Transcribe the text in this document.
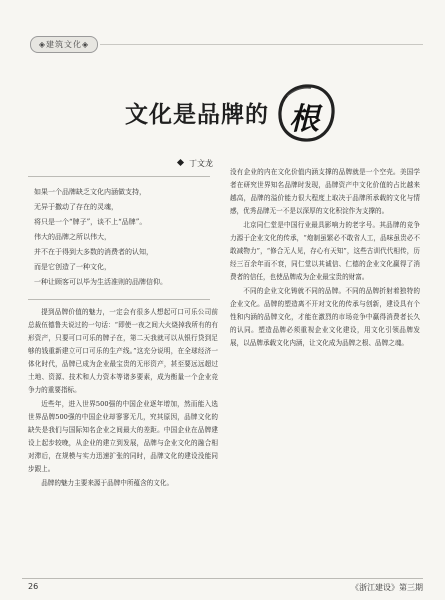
◈建筑文化◈
文化是品牌的 根
丁文龙
如果一个品牌缺乏文化内涵做支持，
无异于撒动了存在的灵魂，
将只是一个“牌子”，谈不上“品牌”。
伟大的品牌之所以伟大，
并不在于得到大多数的消费者的认知，
而是它创造了一种文化，
一种让顾客可以毕为生活准则的品牌信仰。

提到品牌价值的魅力，一定会有很多人想起可口可乐公司前总裁伍德鲁夫说过的一句话：“即使一夜之间大火烧掉我所有的有形资产，只要可口可乐的牌子在，第二天我就可以从银行贷到足够的钱重新建立可口可乐的生产线。”这充分说明，在全球经济一体化时代，品牌已成为企业最宝贵的无形资产，甚至要远远超过土地、资源、技术和人力资本等诸多要素，成为衡量一个企业竞争力的重要指标。

近些年，进入世界500强的中国企业逐年增加，然而能入选世界品牌500强的中国企业却寥寥无几，究其原因，品牌文化的缺失是我们与国际知名企业之间最大的差距。中国企业在品牌建设上起步较晚，从企业的建立到发展，品牌与企业文化的融合相对滞后，在规模与实力迅速扩张的同时，品牌文化的建设没能同步跟上。

品牌的魅力主要来源于品牌中所蕴含的文化。

没有企业的内在文化价值内涵支撑的品牌就是一个空壳。美国学者在研究世界知名品牌时发现，品牌资产中文化价值的占比越来越高，品牌的溢价能力很大程度上取决于品牌所承载的文化与情感，优秀品牌无一不是以深厚的文化积淀作为支撑的。

北京同仁堂是中国行业最具影响力的老字号。其品牌的竞争力源于企业文化的传承，“炮制虽繁必不敢省人工，品味虽贵必不敢减物力”，“修合无人见，存心有天知”，这些古训代代相传，历经三百余年而不衰，同仁堂以其诚信、仁德的企业文化赢得了消费者的信任，也使品牌成为企业最宝贵的财富。

不同的企业文化铸就不同的品牌。不同的品牌折射着独特的企业文化。品牌的塑造离不开对文化的传承与创新，建设具有个性和内涵的品牌文化，才能在激烈的市场竞争中赢得消费者长久的认同。塑造品牌必须重视企业文化建设，用文化引领品牌发展，以品牌承载文化内涵，让文化成为品牌之根、品牌之魂。

26	《浙江建设》第三期
